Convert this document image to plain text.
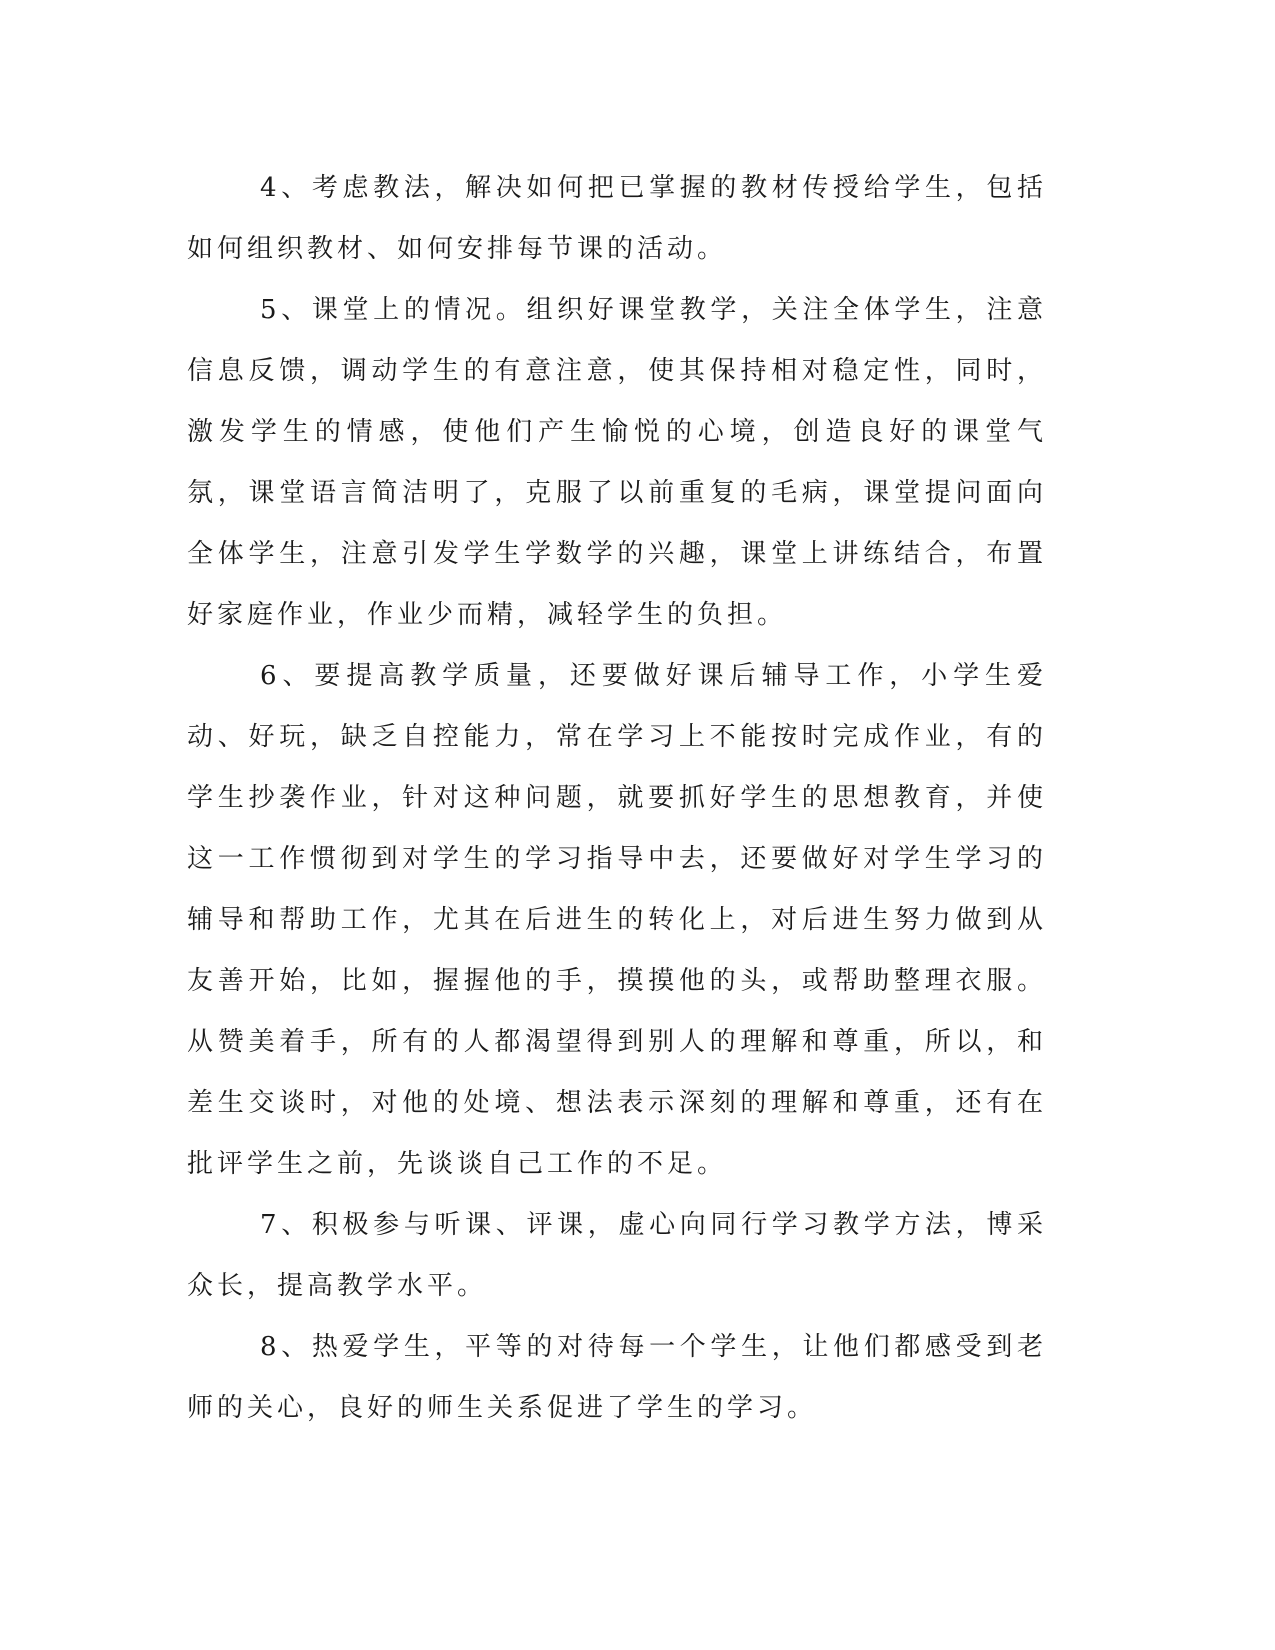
4、考虑教法，解决如何把已掌握的教材传授给学生，包括如何组织教材、如何安排每节课的活动。

5、课堂上的情况。组织好课堂教学，关注全体学生，注意信息反馈，调动学生的有意注意，使其保持相对稳定性，同时，激发学生的情感，使他们产生愉悦的心境，创造良好的课堂气氛，课堂语言简洁明了，克服了以前重复的毛病，课堂提问面向全体学生，注意引发学生学数学的兴趣，课堂上讲练结合，布置好家庭作业，作业少而精，减轻学生的负担。

6、要提高教学质量，还要做好课后辅导工作，小学生爱动、好玩，缺乏自控能力，常在学习上不能按时完成作业，有的学生抄袭作业，针对这种问题，就要抓好学生的思想教育，并使这一工作惯彻到对学生的学习指导中去，还要做好对学生学习的辅导和帮助工作，尤其在后进生的转化上，对后进生努力做到从友善开始，比如，握握他的手，摸摸他的头，或帮助整理衣服。从赞美着手，所有的人都渴望得到别人的理解和尊重，所以，和差生交谈时，对他的处境、想法表示深刻的理解和尊重，还有在批评学生之前，先谈谈自己工作的不足。

7、积极参与听课、评课，虚心向同行学习教学方法，博采众长，提高教学水平。

8、热爱学生，平等的对待每一个学生，让他们都感受到老师的关心，良好的师生关系促进了学生的学习。
